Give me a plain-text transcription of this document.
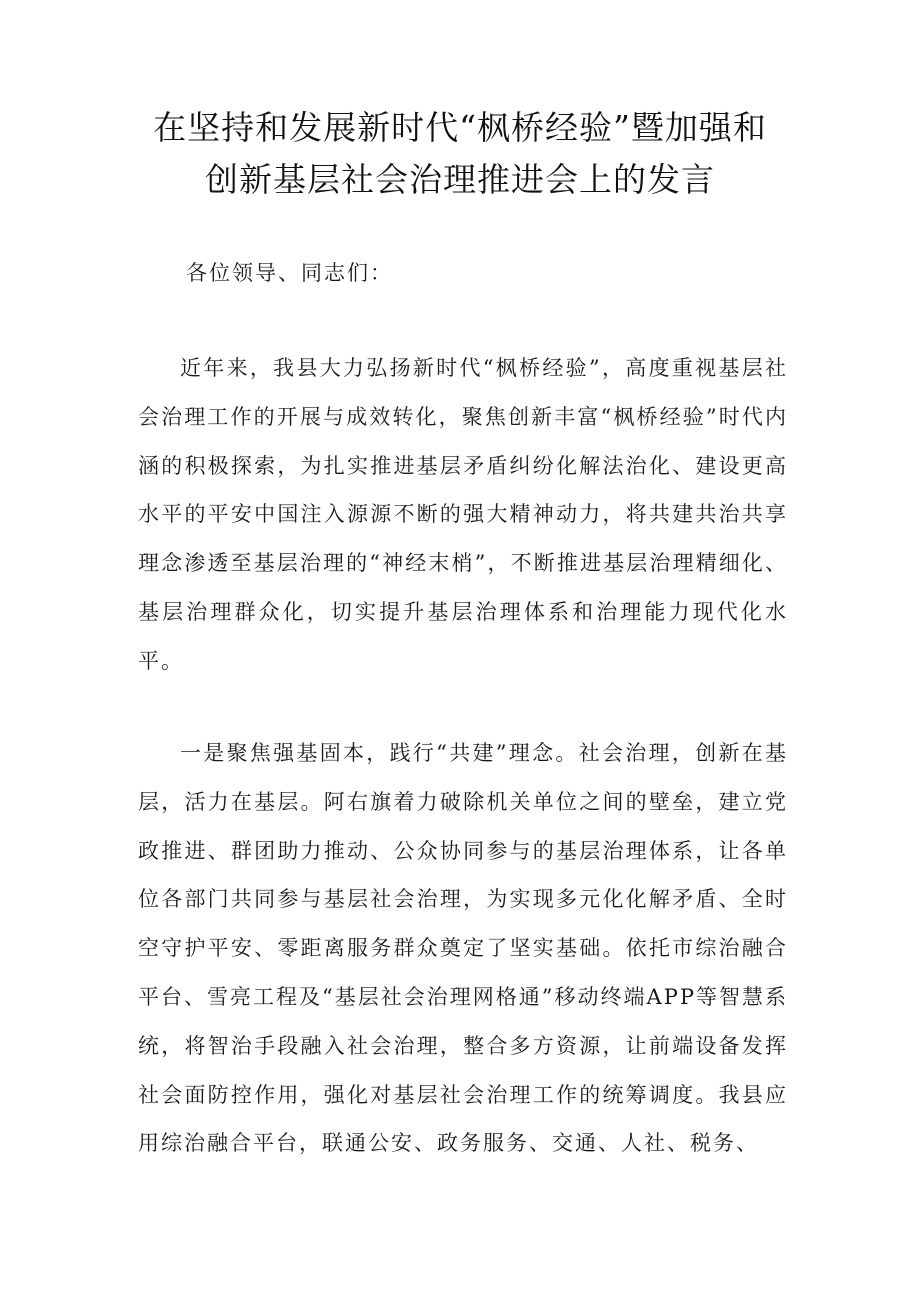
在坚持和发展新时代“枫桥经验”暨加强和
创新基层社会治理推进会上的发言
各位领导、同志们：

近年来，我县大力弘扬新时代“枫桥经验”，高度重视基层社会治理工作的开展与成效转化，聚焦创新丰富“枫桥经验”时代内涵的积极探索，为扎实推进基层矛盾纠纷化解法治化、建设更高水平的平安中国注入源源不断的强大精神动力，将共建共治共享理念渗透至基层治理的“神经末梢”，不断推进基层治理精细化、基层治理群众化，切实提升基层治理体系和治理能力现代化水平。

一是聚焦强基固本，践行“共建”理念。社会治理，创新在基层，活力在基层。阿右旗着力破除机关单位之间的壁垒，建立党政推进、群团助力推动、公众协同参与的基层治理体系，让各单位各部门共同参与基层社会治理，为实现多元化化解矛盾、全时空守护平安、零距离服务群众奠定了坚实基础。依托市综治融合平台、雪亮工程及“基层社会治理网格通”移动终端APP等智慧系统，将智治手段融入社会治理，整合多方资源，让前端设备发挥社会面防控作用，强化对基层社会治理工作的统筹调度。我县应用综治融合平台，联通公安、政务服务、交通、人社、税务、
